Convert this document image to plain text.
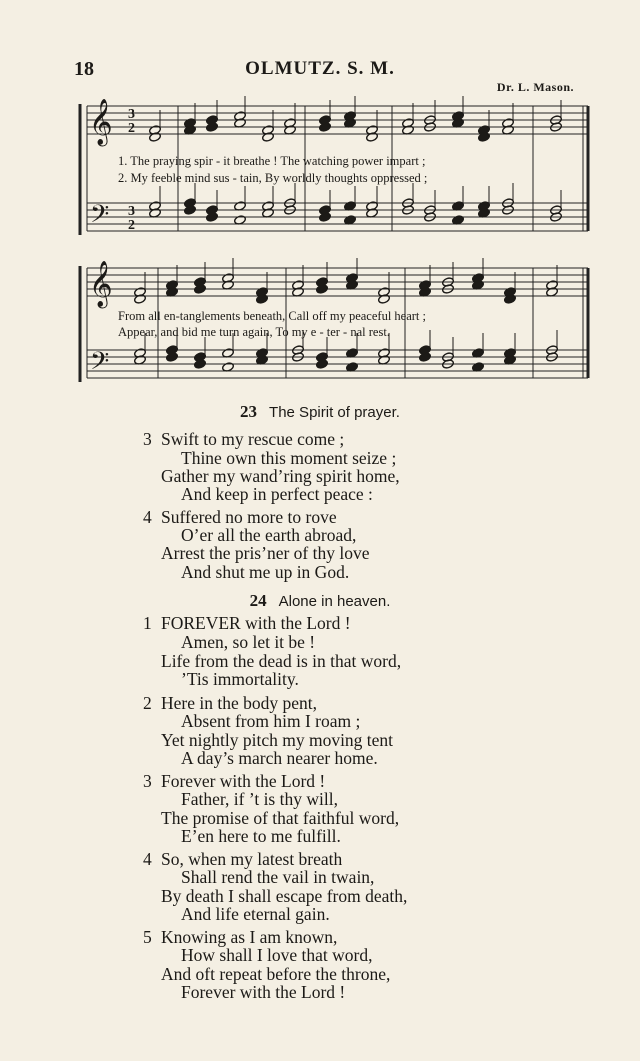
18	OLMUTZ. S. M.
Dr. L. Mason.
𝄞
𝄞
𝄢
𝄢
3
2
3
2
1. The praying spir - it breathe ! The watching power impart ;
2. My feeble mind sus - tain, By worldly thoughts oppressed ;
From all en-tanglements beneath, Call off my peaceful heart ;
Appear, and bid me turn again, To my e - ter - nal rest.
23 The Spirit of prayer.
3 Swift to my rescue come ;
Thine own this moment seize ;
Gather my wand’ring spirit home,
And keep in perfect peace :
4 Suffered no more to rove
O’er all the earth abroad,
Arrest the pris’ner of thy love
And shut me up in God.
24 Alone in heaven.
1 FOREVER with the Lord !
Amen, so let it be !
Life from the dead is in that word,
’Tis immortality.
2 Here in the body pent,
Absent from him I roam ;
Yet nightly pitch my moving tent
A day’s march nearer home.
3 Forever with the Lord !
Father, if ’t is thy will,
The promise of that faithful word,
E’en here to me fulfill.
4 So, when my latest breath
Shall rend the vail in twain,
By death I shall escape from death,
And life eternal gain.
5 Knowing as I am known,
How shall I love that word,
And oft repeat before the throne,
Forever with the Lord !
